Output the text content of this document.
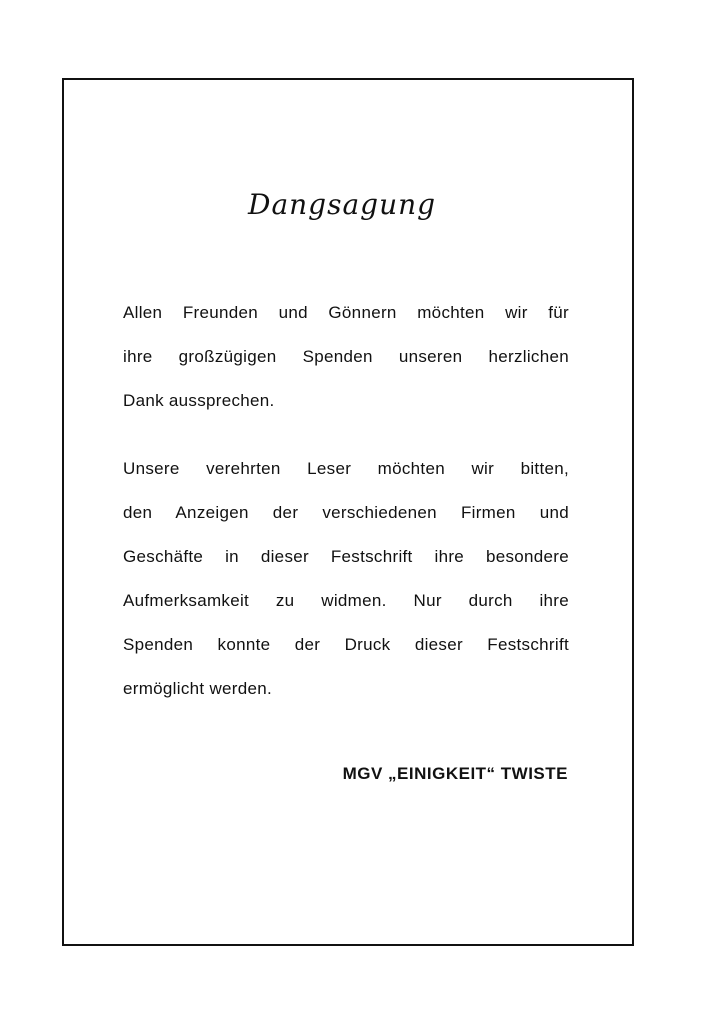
Dangsagung
Allen Freunden und Gönnern möchten wir für
ihre großzügigen Spenden unseren herzlichen
Dank aussprechen.
Unsere verehrten Leser möchten wir bitten,
den Anzeigen der verschiedenen Firmen und
Geschäfte in dieser Festschrift ihre besondere
Aufmerksamkeit zu widmen. Nur durch ihre
Spenden konnte der Druck dieser Festschrift
ermöglicht werden.
MGV „EINIGKEIT“ TWISTE
